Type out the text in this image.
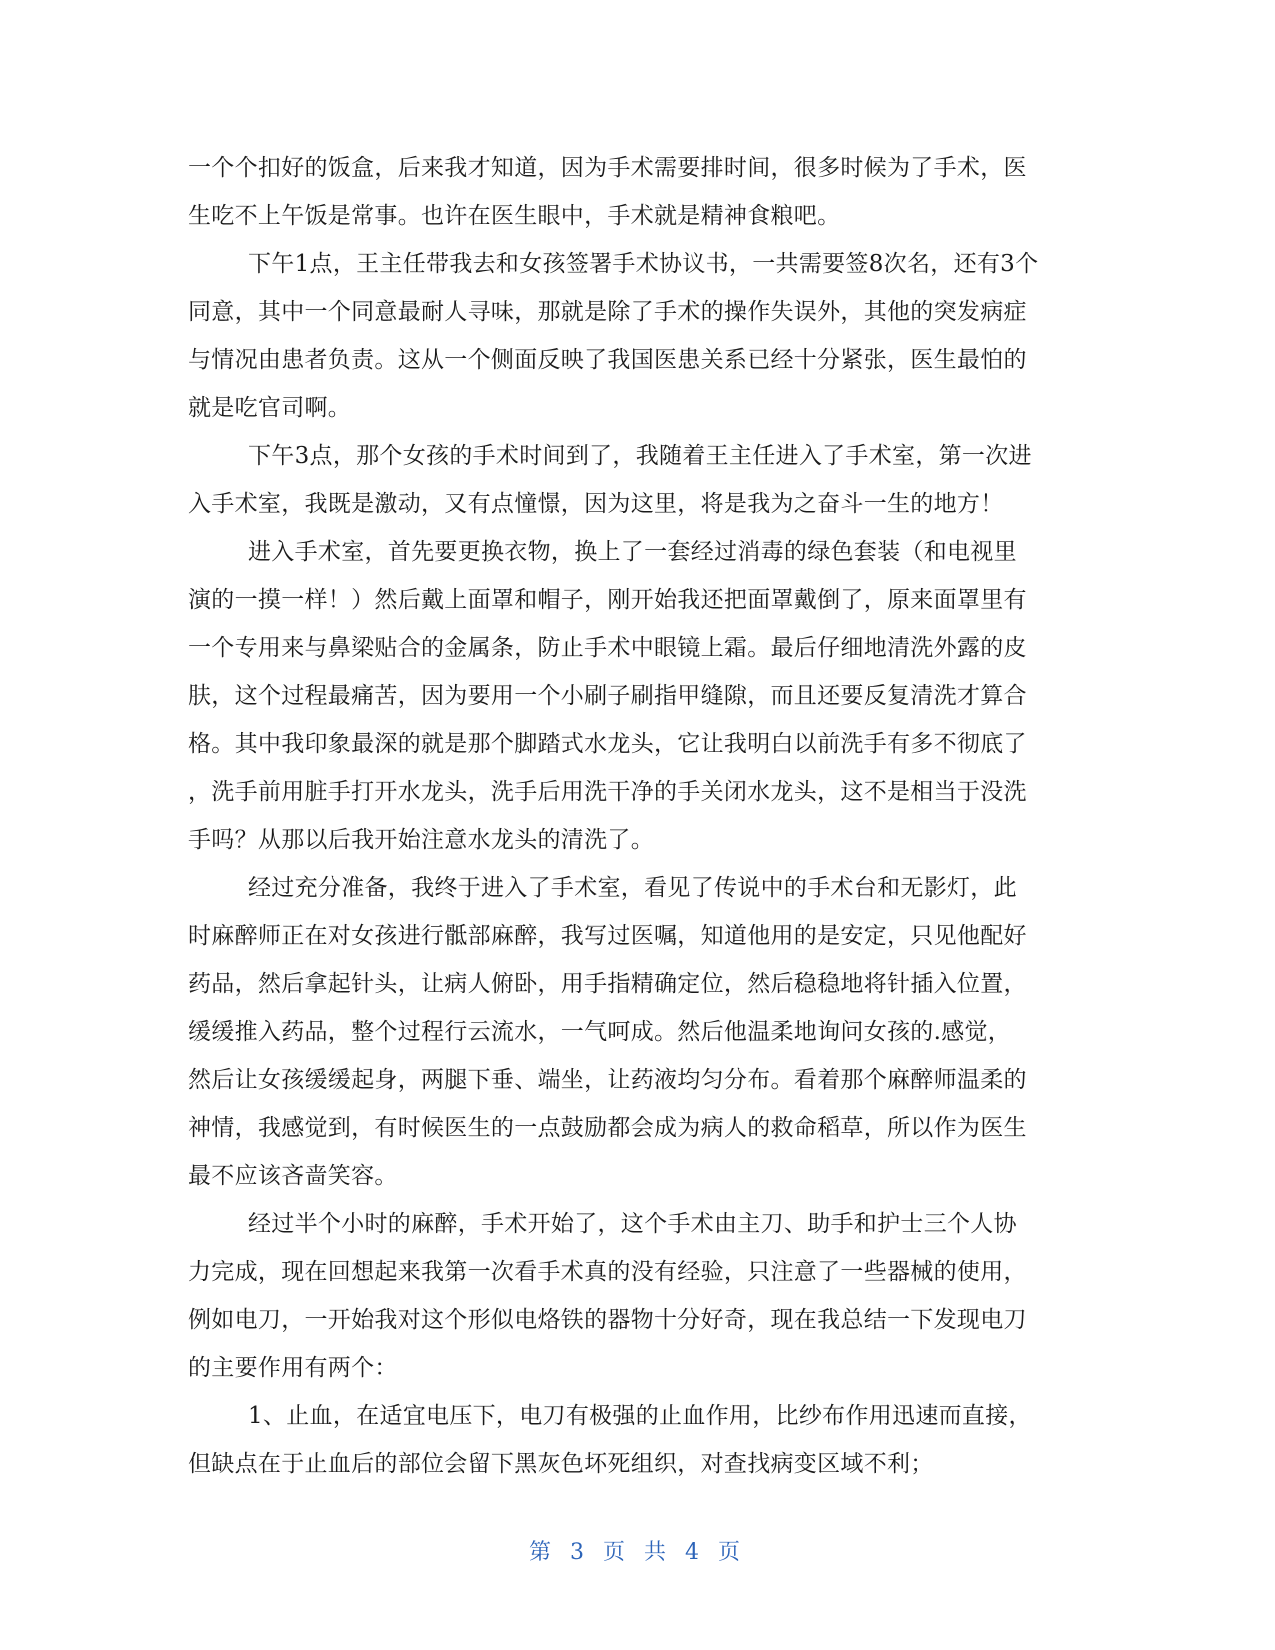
一个个扣好的饭盒，后来我才知道，因为手术需要排时间，很多时候为了手术，医
生吃不上午饭是常事。也许在医生眼中，手术就是精神食粮吧。
下午1点，王主任带我去和女孩签署手术协议书，一共需要签8次名，还有3个
同意，其中一个同意最耐人寻味，那就是除了手术的操作失误外，其他的突发病症
与情况由患者负责。这从一个侧面反映了我国医患关系已经十分紧张，医生最怕的
就是吃官司啊。
下午3点，那个女孩的手术时间到了，我随着王主任进入了手术室，第一次进
入手术室，我既是激动，又有点憧憬，因为这里，将是我为之奋斗一生的地方！
进入手术室，首先要更换衣物，换上了一套经过消毒的绿色套装（和电视里
演的一摸一样！）然后戴上面罩和帽子，刚开始我还把面罩戴倒了，原来面罩里有
一个专用来与鼻梁贴合的金属条，防止手术中眼镜上霜。最后仔细地清洗外露的皮
肤，这个过程最痛苦，因为要用一个小刷子刷指甲缝隙，而且还要反复清洗才算合
格。其中我印象最深的就是那个脚踏式水龙头，它让我明白以前洗手有多不彻底了
，洗手前用脏手打开水龙头，洗手后用洗干净的手关闭水龙头，这不是相当于没洗
手吗？从那以后我开始注意水龙头的清洗了。
经过充分准备，我终于进入了手术室，看见了传说中的手术台和无影灯，此
时麻醉师正在对女孩进行骶部麻醉，我写过医嘱，知道他用的是安定，只见他配好
药品，然后拿起针头，让病人俯卧，用手指精确定位，然后稳稳地将针插入位置，
缓缓推入药品，整个过程行云流水，一气呵成。然后他温柔地询问女孩的.感觉，
然后让女孩缓缓起身，两腿下垂、端坐，让药液均匀分布。看着那个麻醉师温柔的
神情，我感觉到，有时候医生的一点鼓励都会成为病人的救命稻草，所以作为医生
最不应该吝啬笑容。
经过半个小时的麻醉，手术开始了，这个手术由主刀、助手和护士三个人协
力完成，现在回想起来我第一次看手术真的没有经验，只注意了一些器械的使用，
例如电刀，一开始我对这个形似电烙铁的器物十分好奇，现在我总结一下发现电刀
的主要作用有两个：
1、止血，在适宜电压下，电刀有极强的止血作用，比纱布作用迅速而直接，
但缺点在于止血后的部位会留下黑灰色坏死组织，对查找病变区域不利；
第 3 页 共 4 页
